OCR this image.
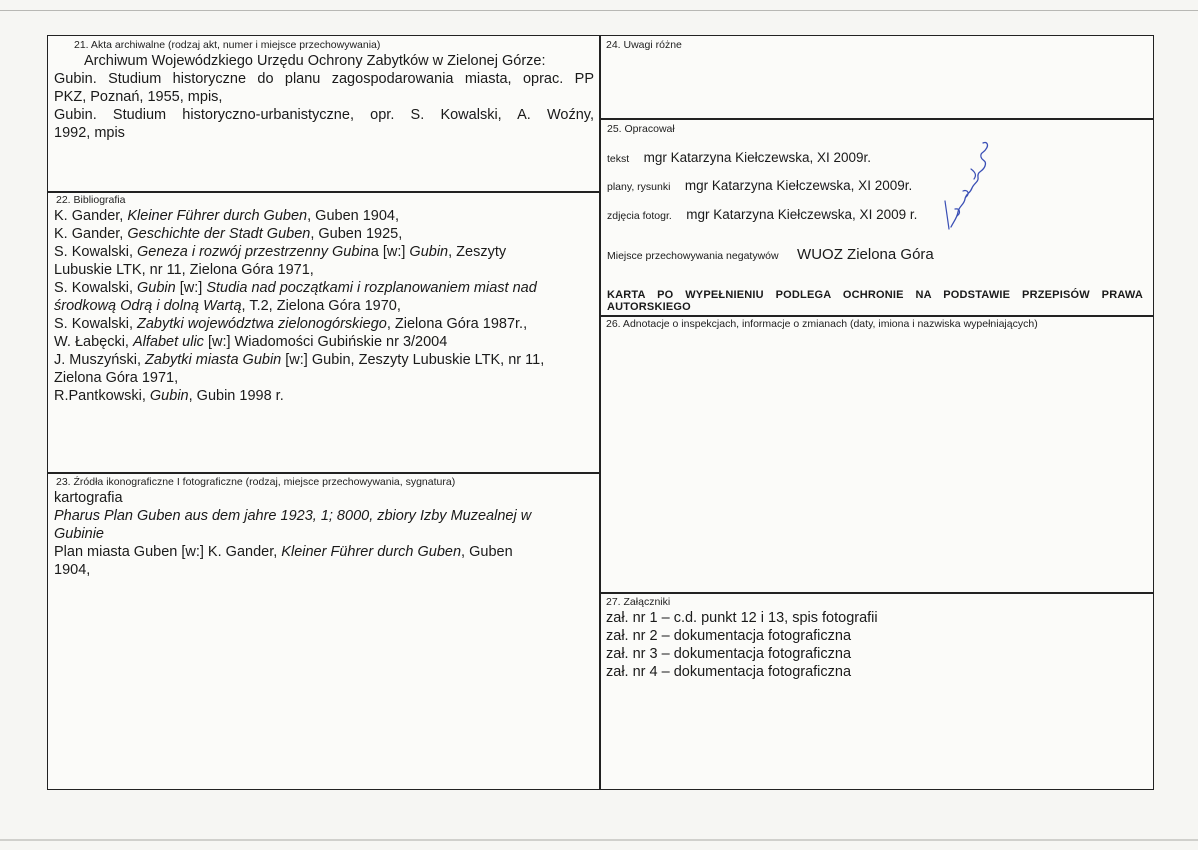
21. Akta archiwalne (rodzaj akt, numer i miejsce przechowywania)
Archiwum Wojewódzkiego Urzędu Ochrony Zabytków w Zielonej Górze:
Gubin. Studium historyczne do planu zagospodarowania miasta, oprac. PP
PKZ, Poznań, 1955, mpis,
Gubin. Studium historyczno-urbanistyczne, opr. S. Kowalski, A. Woźny,
1992, mpis
22. Bibliografia
K. Gander, Kleiner Führer durch Guben, Guben 1904,
K. Gander, Geschichte der Stadt Guben, Guben 1925,
S. Kowalski, Geneza i rozwój przestrzenny Gubina [w:] Gubin, Zeszyty
Lubuskie LTK, nr 11, Zielona Góra 1971,
S. Kowalski, Gubin [w:] Studia nad początkami i rozplanowaniem miast nad
środkową Odrą i dolną Wartą, T.2, Zielona Góra 1970,
S. Kowalski, Zabytki województwa zielonogórskiego, Zielona Góra 1987r.,
W. Łabęcki, Alfabet ulic [w:] Wiadomości Gubińskie nr 3/2004
J. Muszyński, Zabytki miasta Gubin [w:] Gubin, Zeszyty Lubuskie LTK, nr 11,
Zielona Góra 1971,
R.Pantkowski, Gubin, Gubin 1998 r.
23. Źródła ikonograficzne I fotograficzne (rodzaj, miejsce przechowywania, sygnatura)
kartografia
Pharus Plan Guben aus dem jahre 1923, 1; 8000, zbiory Izby Muzealnej w
Gubinie
Plan miasta Guben [w:] K. Gander, Kleiner Führer durch Guben, Guben
1904,
24. Uwagi różne
25. Opracował
tekst mgr Katarzyna Kiełczewska, XI 2009r.
plany, rysunki mgr Katarzyna Kiełczewska, XI 2009r.
zdjęcia fotogr. mgr Katarzyna Kiełczewska, XI 2009 r.
Miejsce przechowywania negatywów WUOZ Zielona Góra
KARTA PO WYPEŁNIENIU PODLEGA OCHRONIE NA PODSTAWIE PRZEPISÓW PRAWA
AUTORSKIEGO
26. Adnotacje o inspekcjach, informacje o zmianach (daty, imiona i nazwiska wypełniających)
27. Załączniki
zał. nr 1 – c.d. punkt 12 i 13, spis fotografii
zał. nr 2 – dokumentacja fotograficzna
zał. nr 3 – dokumentacja fotograficzna
zał. nr 4 – dokumentacja fotograficzna
